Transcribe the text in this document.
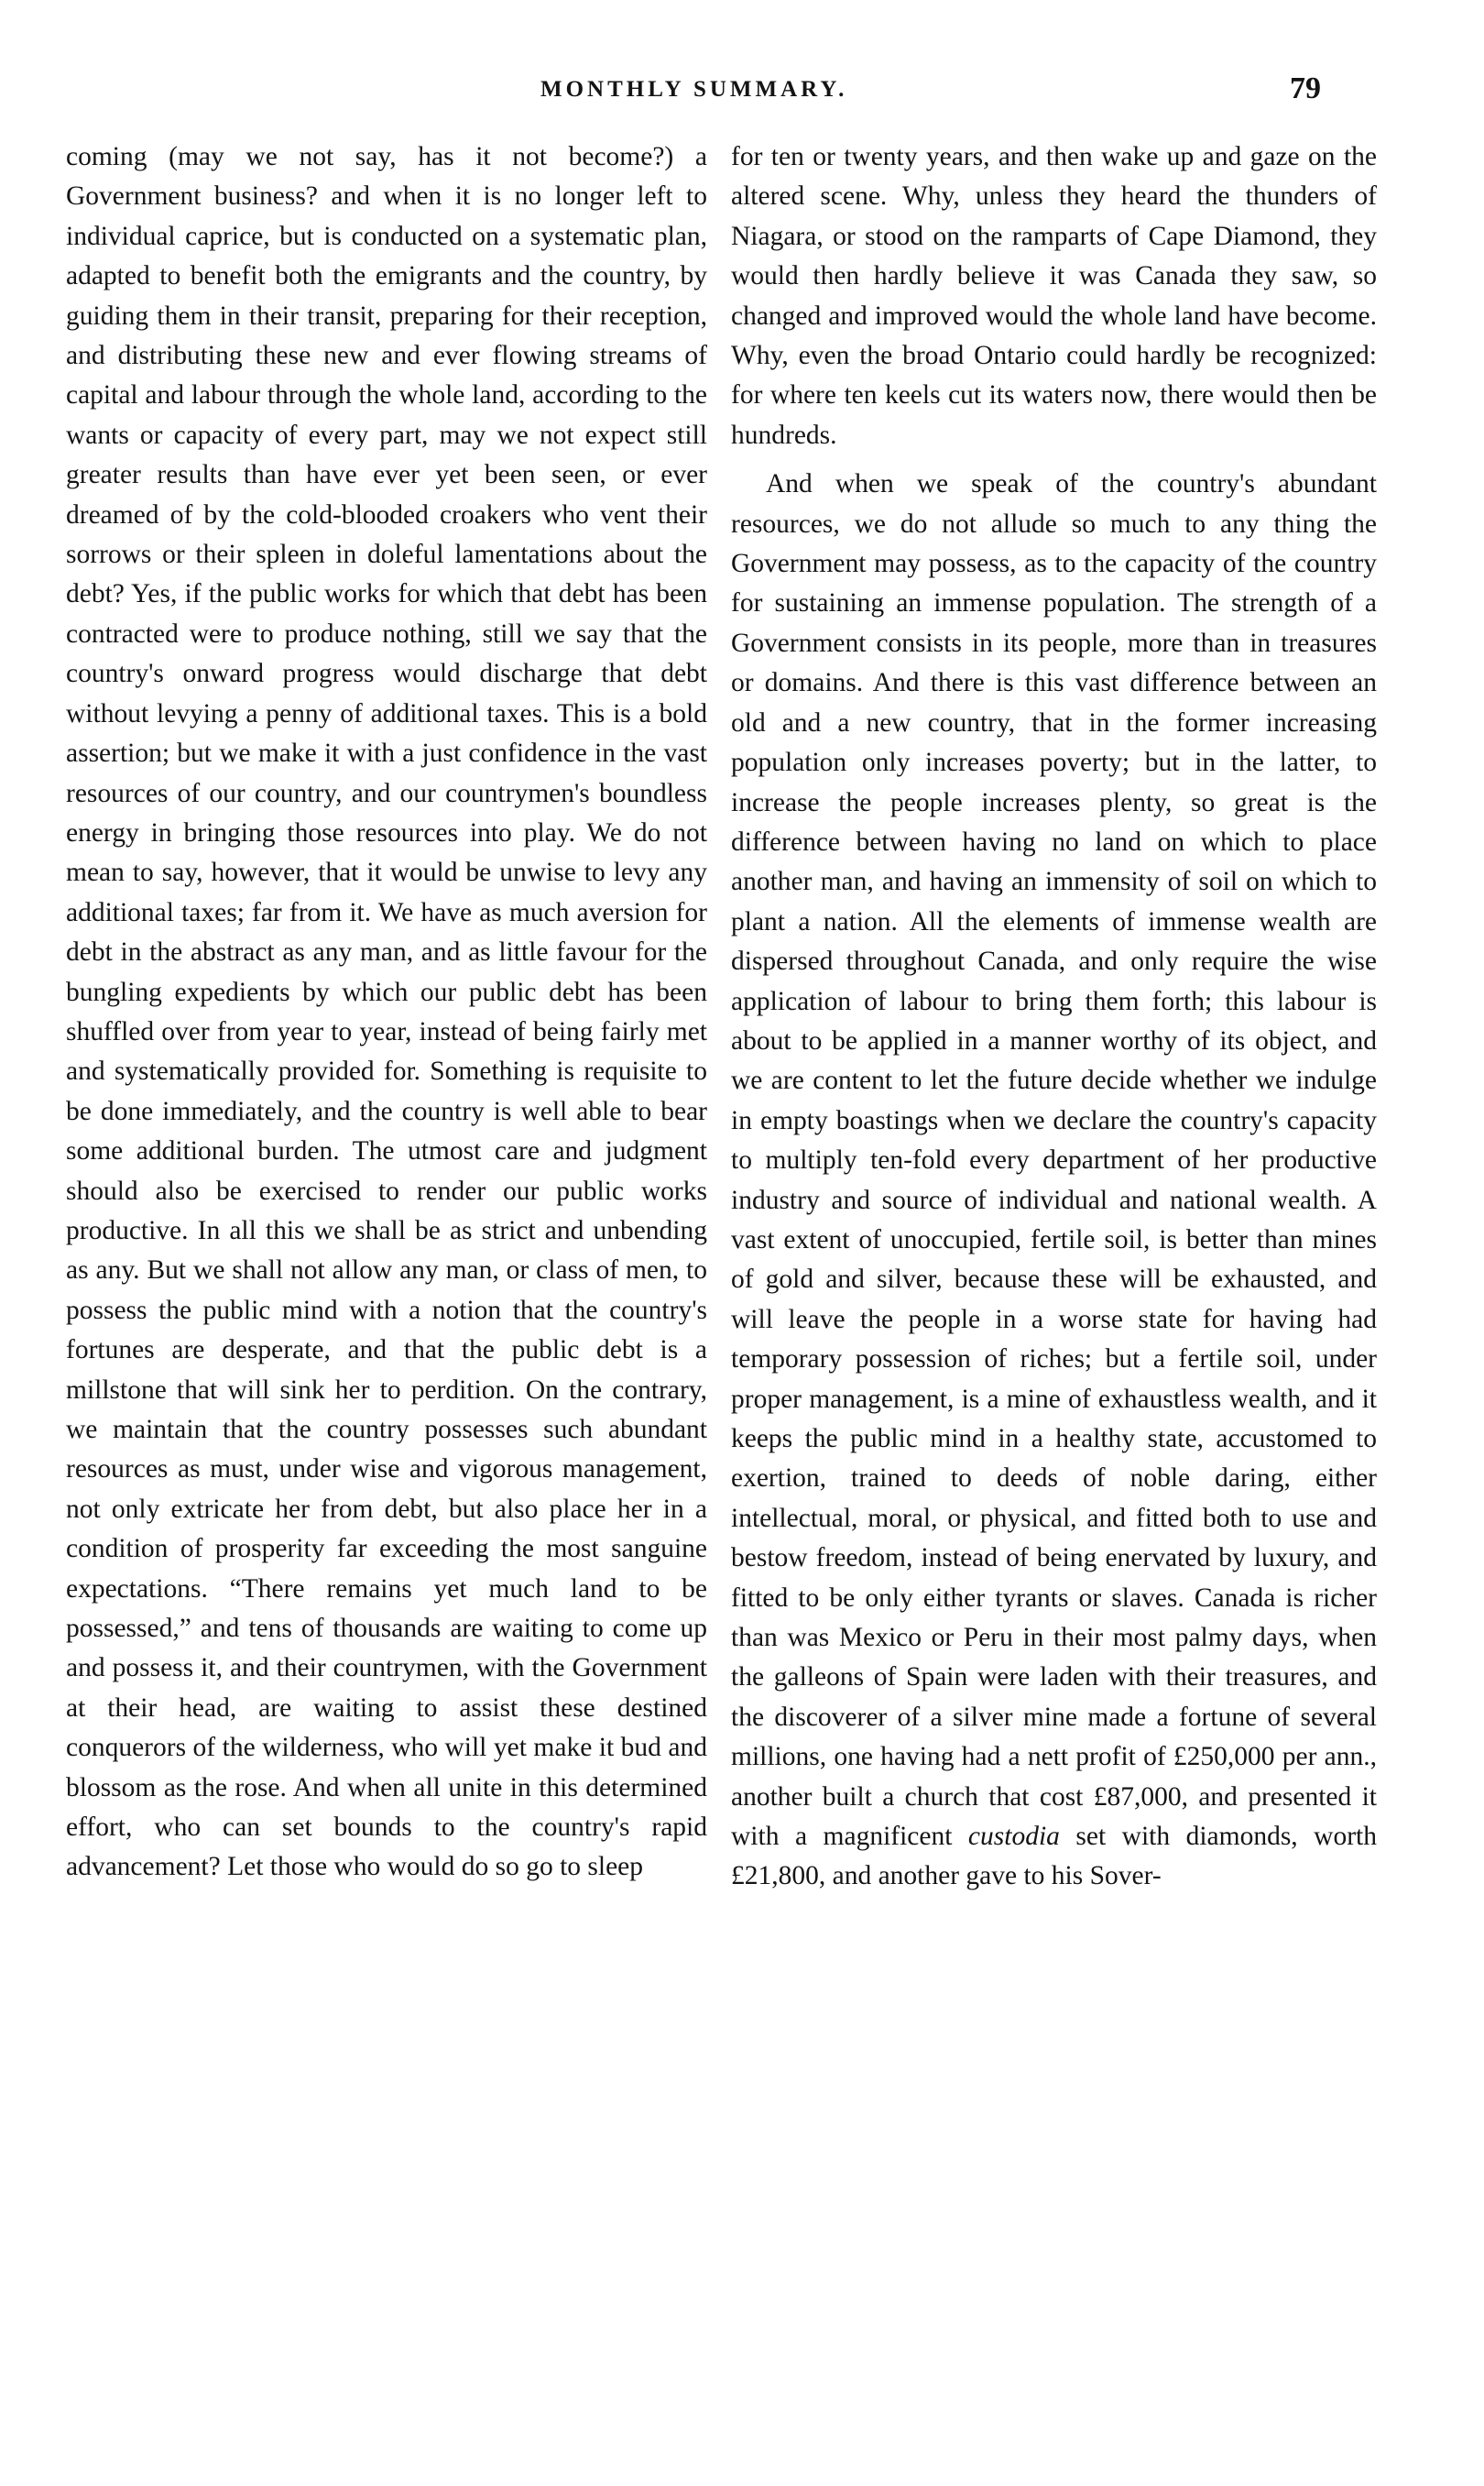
MONTHLY SUMMARY.	79

coming (may we not say, has it not become?) a Government business? and when it is no longer left to individual caprice, but is conducted on a systematic plan, adapted to benefit both the emigrants and the country, by guiding them in their transit, preparing for their reception, and distributing these new and ever flowing streams of capital and labour through the whole land, according to the wants or capacity of every part, may we not expect still greater results than have ever yet been seen, or ever dreamed of by the cold-blooded croakers who vent their sorrows or their spleen in doleful lamentations about the debt? Yes, if the public works for which that debt has been contracted were to produce nothing, still we say that the country's onward progress would discharge that debt without levying a penny of additional taxes. This is a bold assertion; but we make it with a just confidence in the vast resources of our country, and our countrymen's boundless energy in bringing those resources into play. We do not mean to say, however, that it would be unwise to levy any additional taxes; far from it. We have as much aversion for debt in the abstract as any man, and as little favour for the bungling expedients by which our public debt has been shuffled over from year to year, instead of being fairly met and systematically provided for. Something is requisite to be done immediately, and the country is well able to bear some additional burden. The utmost care and judgment should also be exercised to render our public works productive. In all this we shall be as strict and unbending as any. But we shall not allow any man, or class of men, to possess the public mind with a notion that the country's fortunes are desperate, and that the public debt is a millstone that will sink her to perdition. On the contrary, we maintain that the country possesses such abundant resources as must, under wise and vigorous management, not only extricate her from debt, but also place her in a condition of prosperity far exceeding the most sanguine expectations. “There remains yet much land to be possessed,” and tens of thousands are waiting to come up and possess it, and their countrymen, with the Government at their head, are waiting to assist these destined conquerors of the wilderness, who will yet make it bud and blossom as the rose. And when all unite in this determined effort, who can set bounds to the country's rapid advancement? Let those who would do so go to sleep

for ten or twenty years, and then wake up and gaze on the altered scene. Why, unless they heard the thunders of Niagara, or stood on the ramparts of Cape Diamond, they would then hardly believe it was Canada they saw, so changed and improved would the whole land have become. Why, even the broad Ontario could hardly be recognized: for where ten keels cut its waters now, there would then be hundreds.

And when we speak of the country's abundant resources, we do not allude so much to any thing the Government may possess, as to the capacity of the country for sustaining an immense population. The strength of a Government consists in its people, more than in treasures or domains. And there is this vast difference between an old and a new country, that in the former increasing population only increases poverty; but in the latter, to increase the people increases plenty, so great is the difference between having no land on which to place another man, and having an immensity of soil on which to plant a nation. All the elements of immense wealth are dispersed throughout Canada, and only require the wise application of labour to bring them forth; this labour is about to be applied in a manner worthy of its object, and we are content to let the future decide whether we indulge in empty boastings when we declare the country's capacity to multiply ten-fold every department of her productive industry and source of individual and national wealth. A vast extent of unoccupied, fertile soil, is better than mines of gold and silver, because these will be exhausted, and will leave the people in a worse state for having had temporary possession of riches; but a fertile soil, under proper management, is a mine of exhaustless wealth, and it keeps the public mind in a healthy state, accustomed to exertion, trained to deeds of noble daring, either intellectual, moral, or physical, and fitted both to use and bestow freedom, instead of being enervated by luxury, and fitted to be only either tyrants or slaves. Canada is richer than was Mexico or Peru in their most palmy days, when the galleons of Spain were laden with their treasures, and the discoverer of a silver mine made a fortune of several millions, one having had a nett profit of £250,000 per ann., another built a church that cost £87,000, and presented it with a magnificent custodia set with diamonds, worth £21,800, and another gave to his Sover-
